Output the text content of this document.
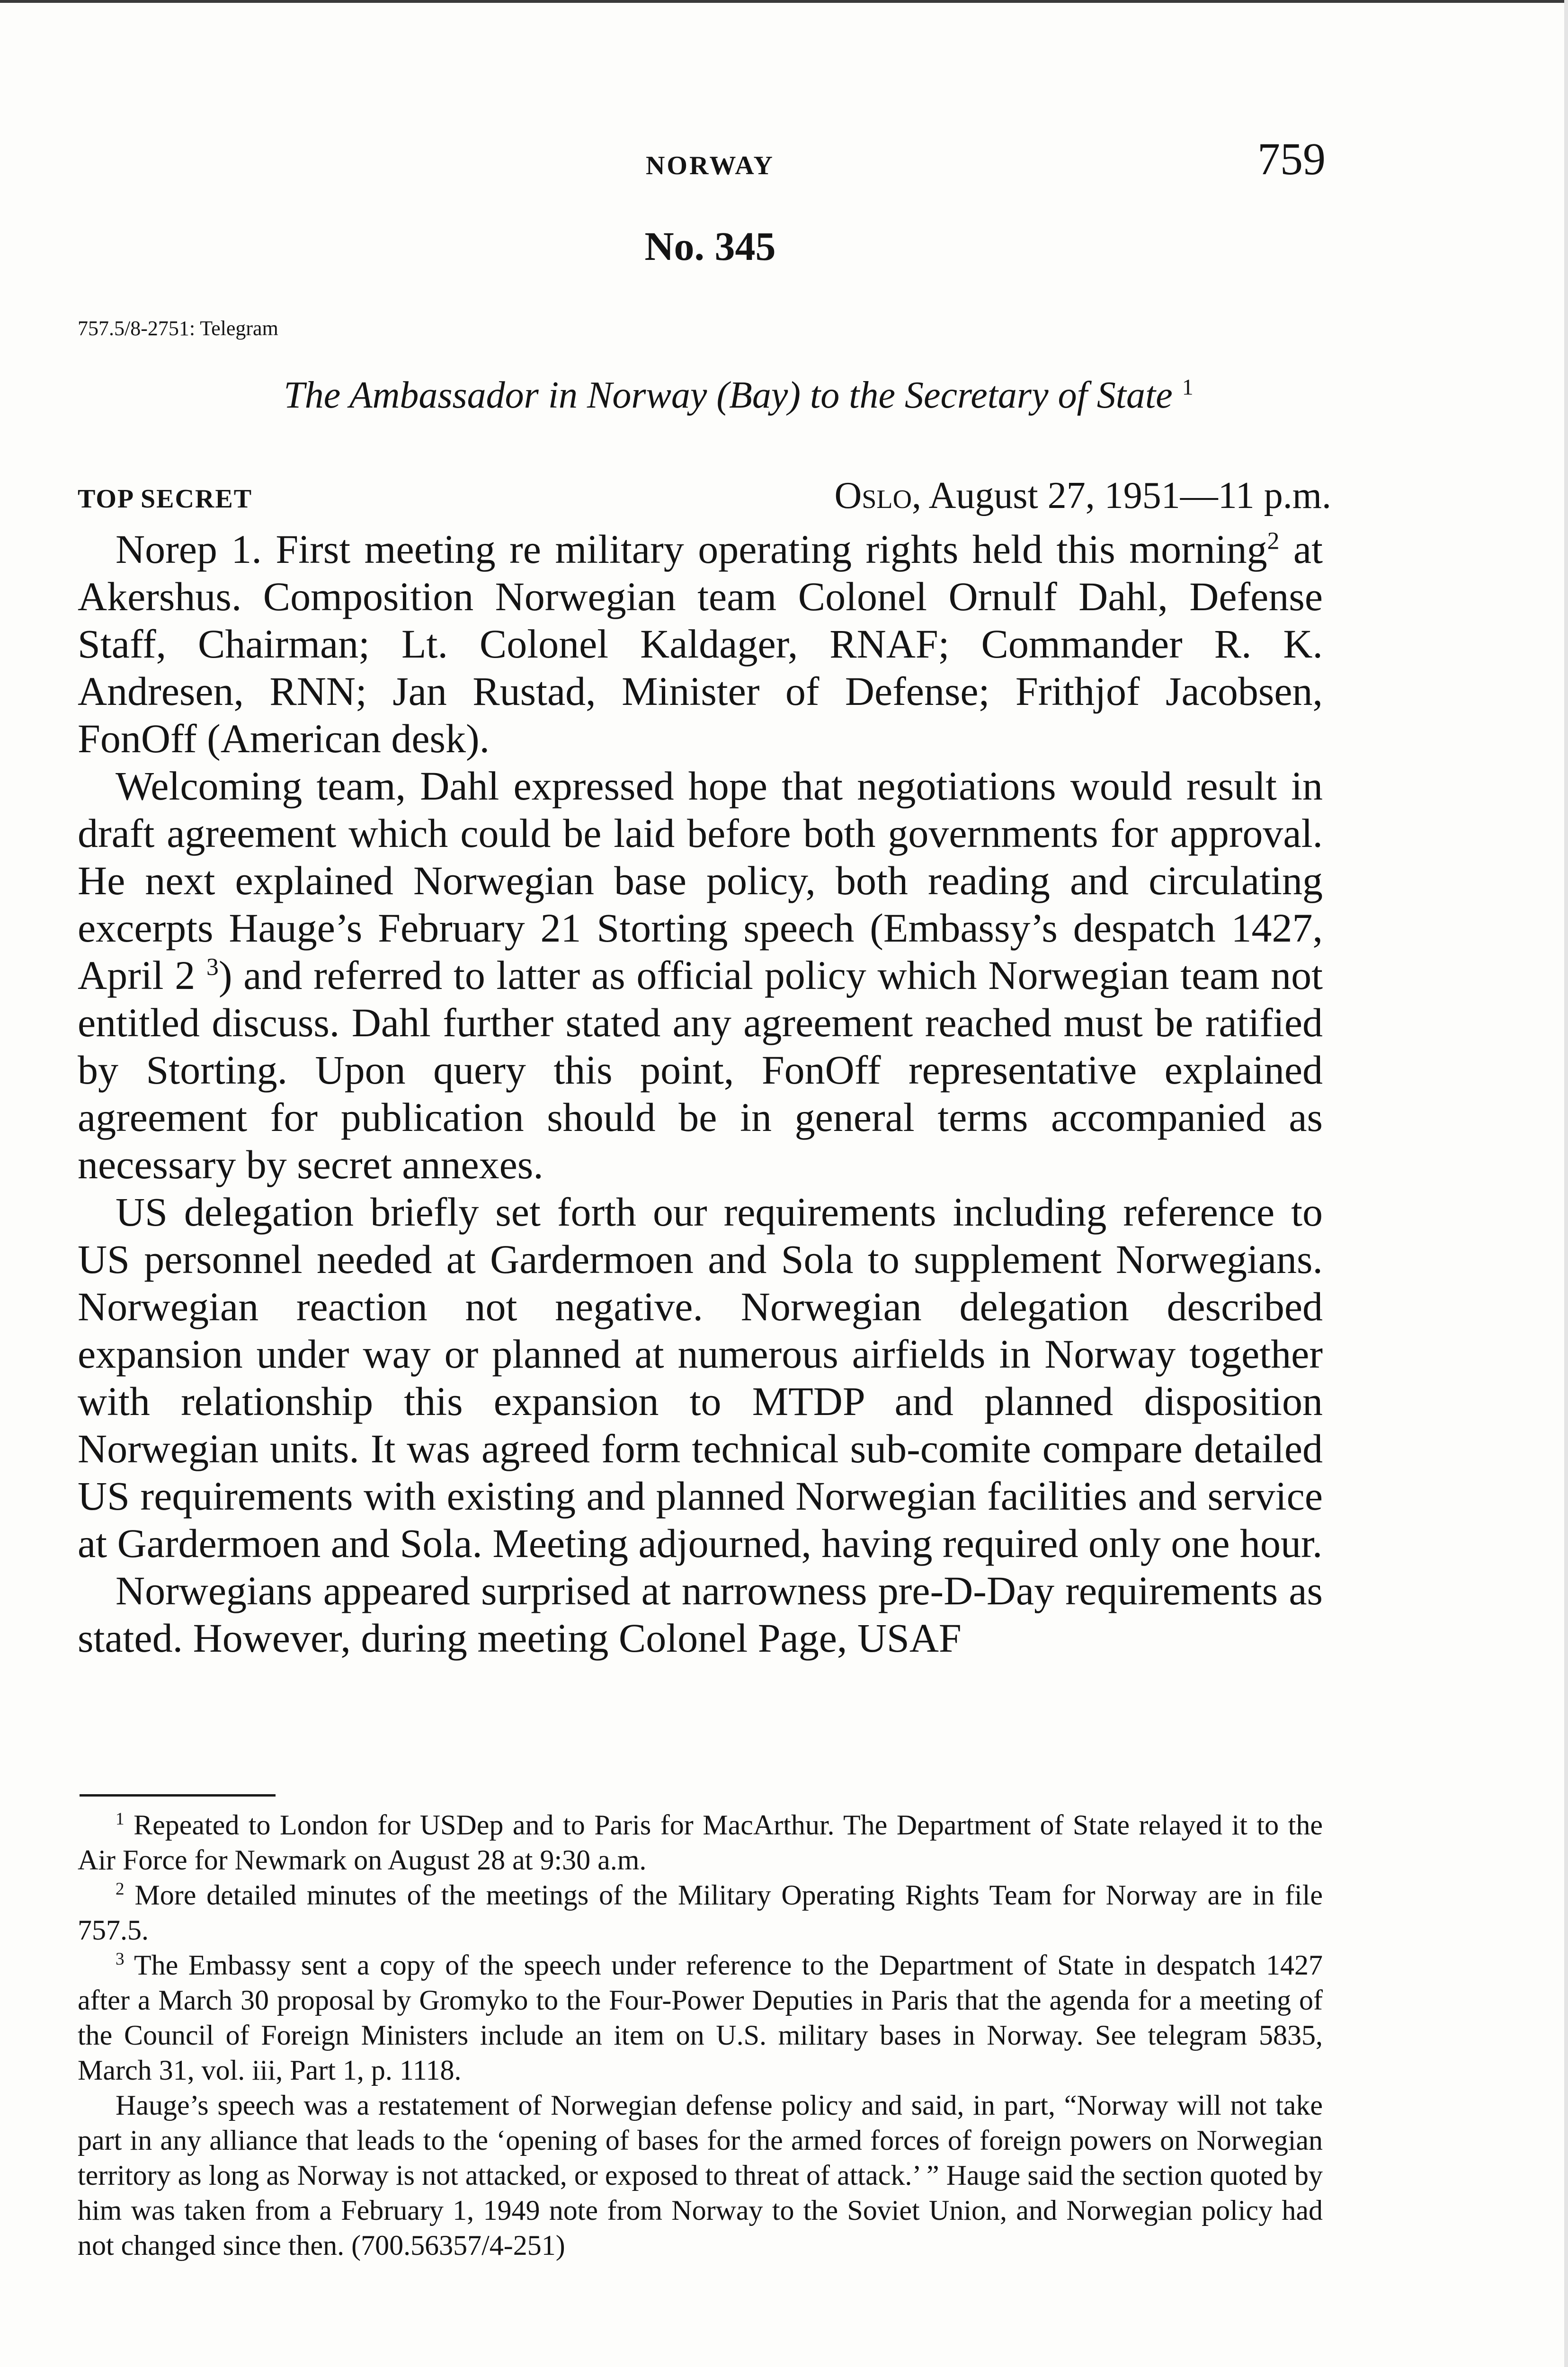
NORWAY	759
No. 345
757.5/8-2751: Telegram
The Ambassador in Norway (Bay) to the Secretary of State $^1$
TOP SECRET	Oslo, August 27, 1951—11 p.m.

Norep 1. First meeting re military operating rights held this morning$^2$ at Akershus. Composition Norwegian team Colonel Ornulf Dahl, Defense Staff, Chairman; Lt. Colonel Kaldager, RNAF; Commander R. K. Andresen, RNN; Jan Rustad, Minister of Defense; Frithjof Jacobsen, FonOff (American desk).

Welcoming team, Dahl expressed hope that negotiations would result in draft agreement which could be laid before both governments for approval. He next explained Norwegian base policy, both reading and circulating excerpts Hauge’s February 21 Storting speech (Embassy’s despatch 1427, April 2 $^3$) and referred to latter as official policy which Norwegian team not entitled discuss. Dahl further stated any agreement reached must be ratified by Storting. Upon query this point, FonOff representative explained agreement for publication should be in general terms accompanied as necessary by secret annexes.

US delegation briefly set forth our requirements including reference to US personnel needed at Gardermoen and Sola to supplement Norwegians. Norwegian reaction not negative. Norwegian delegation described expansion under way or planned at numerous airfields in Norway together with relationship this expansion to MTDP and planned disposition Norwegian units. It was agreed form technical sub-comite compare detailed US requirements with existing and planned Norwegian facilities and service at Gardermoen and Sola. Meeting adjourned, having required only one hour.

Norwegians appeared surprised at narrowness pre-D-Day requirements as stated. However, during meeting Colonel Page, USAF

$^1$ Repeated to London for USDep and to Paris for MacArthur. The Department of State relayed it to the Air Force for Newmark on August 28 at 9:30 a.m.

$^2$ More detailed minutes of the meetings of the Military Operating Rights Team for Norway are in file 757.5.

$^3$ The Embassy sent a copy of the speech under reference to the Department of State in despatch 1427 after a March 30 proposal by Gromyko to the Four-Power Deputies in Paris that the agenda for a meeting of the Council of Foreign Ministers include an item on U.S. military bases in Norway. See telegram 5835, March 31, vol. iii, Part 1, p. 1118.

Hauge’s speech was a restatement of Norwegian defense policy and said, in part, “Norway will not take part in any alliance that leads to the ‘opening of bases for the armed forces of foreign powers on Norwegian territory as long as Norway is not attacked, or exposed to threat of attack.’ ” Hauge said the section quoted by him was taken from a February 1, 1949 note from Norway to the Soviet Union, and Norwegian policy had not changed since then. (700.56357/4-251)
